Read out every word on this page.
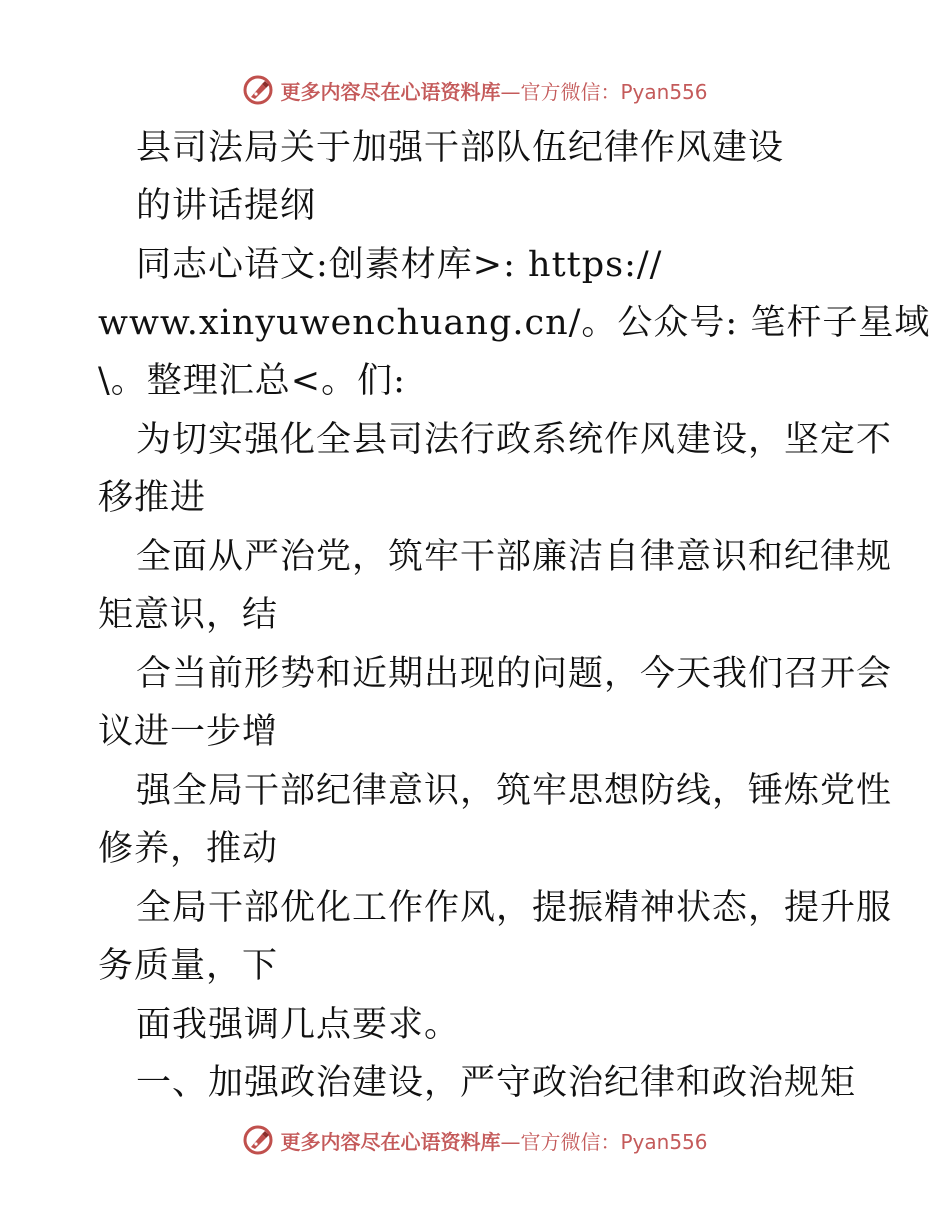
更多内容尽在心语资料库 — 官方微信： Pyan556
县司法局关于加强干部队伍纪律作风建设
的讲话提纲
同志心语文:创素材库>: https://
www.xinyuwenchuang.cn/。公众号: 笔杆子星域
\。整理汇总<。们:
为切实强化全县司法行政系统作风建设，坚定不
移推进
全面从严治党，筑牢干部廉洁自律意识和纪律规
矩意识，结
合当前形势和近期出现的问题，今天我们召开会
议进一步增
强全局干部纪律意识，筑牢思想防线，锤炼党性
修养，推动
全局干部优化工作作风，提振精神状态，提升服
务质量，下
面我强调几点要求。
一、加强政治建设，严守政治纪律和政治规矩
更多内容尽在心语资料库 — 官方微信： Pyan556
